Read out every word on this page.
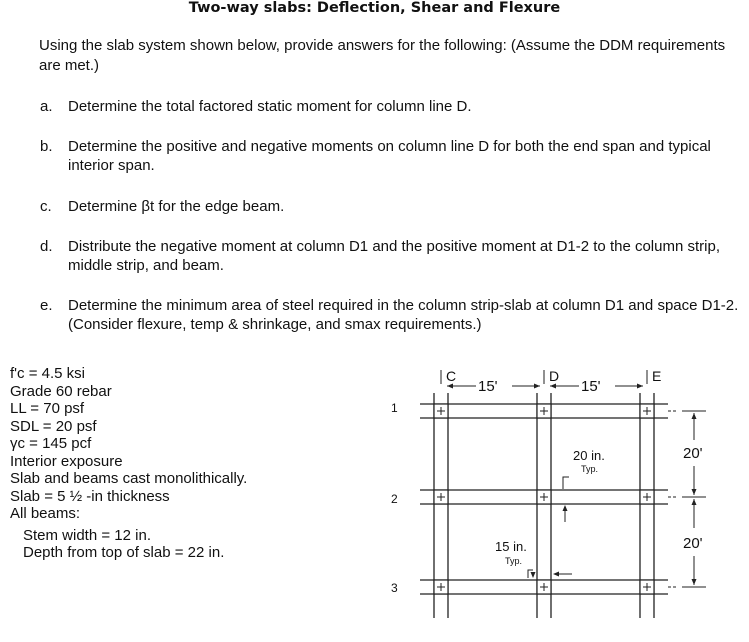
Two-way slabs: Deflection, Shear and Flexure
Using the slab system shown below, provide answers for the following: (Assume the DDM requirements are met.)
a. Determine the total factored static moment for column line D.
b. Determine the positive and negative moments on column line D for both the end span and typical interior span.
c. Determine βt for the edge beam.
d. Distribute the negative moment at column D1 and the positive moment at D1-2 to the column strip, middle strip, and beam.
e. Determine the minimum area of steel required in the column strip-slab at column D1 and space D1-2. (Consider flexure, temp & shrinkage, and smax requirements.)
f'c = 4.5 ksi
Grade 60 rebar
LL = 70 psf
SDL = 20 psf
γc = 145 pcf
Interior exposure
Slab and beams cast monolithically.
Slab = 5 ½ -in thickness
All beams:
Stem width = 12 in.
Depth from top of slab = 22 in.
C	D	E
15'	15'
20'
20'
20 in.
Typ.
15 in.
Typ.
1
2
3
